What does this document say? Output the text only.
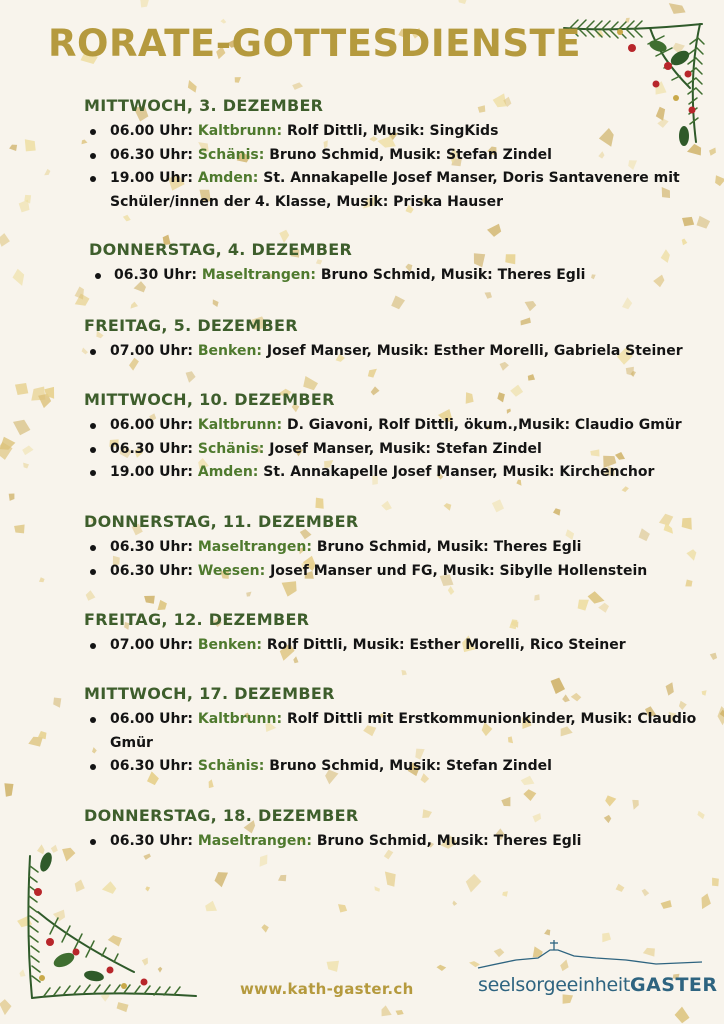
RORATE-GOTTESDIENSTE
MITTWOCH, 3. DEZEMBER
06.00 Uhr: Kaltbrunn: Rolf Dittli, Musik: SingKids
06.30 Uhr: Schänis: Bruno Schmid, Musik: Stefan Zindel
19.00 Uhr: Amden: St. Annakapelle Josef Manser, Doris Santavenere mit Schüler/innen der 4. Klasse, Musik: Priska Hauser
DONNERSTAG, 4. DEZEMBER
06.30 Uhr: Maseltrangen: Bruno Schmid, Musik: Theres Egli
FREITAG, 5. DEZEMBER
07.00 Uhr: Benken: Josef Manser, Musik: Esther Morelli, Gabriela Steiner
MITTWOCH, 10. DEZEMBER
06.00 Uhr: Kaltbrunn: D. Giavoni, Rolf Dittli, ökum.,Musik: Claudio Gmür
06.30 Uhr: Schänis: Josef Manser, Musik: Stefan Zindel
19.00 Uhr: Amden: St. Annakapelle Josef Manser, Musik: Kirchenchor
DONNERSTAG, 11. DEZEMBER
06.30 Uhr: Maseltrangen: Bruno Schmid, Musik: Theres Egli
06.30 Uhr: Weesen: Josef Manser und FG, Musik: Sibylle Hollenstein
FREITAG, 12. DEZEMBER
07.00 Uhr: Benken: Rolf Dittli, Musik: Esther Morelli, Rico Steiner
MITTWOCH, 17. DEZEMBER
06.00 Uhr: Kaltbrunn: Rolf Dittli mit Erstkommunionkinder, Musik: Claudio Gmür
06.30 Uhr: Schänis: Bruno Schmid, Musik: Stefan Zindel
DONNERSTAG, 18. DEZEMBER
06.30 Uhr: Maseltrangen: Bruno Schmid, Musik: Theres Egli
www.kath-gaster.ch	seelsorgeeinheitGASTER
